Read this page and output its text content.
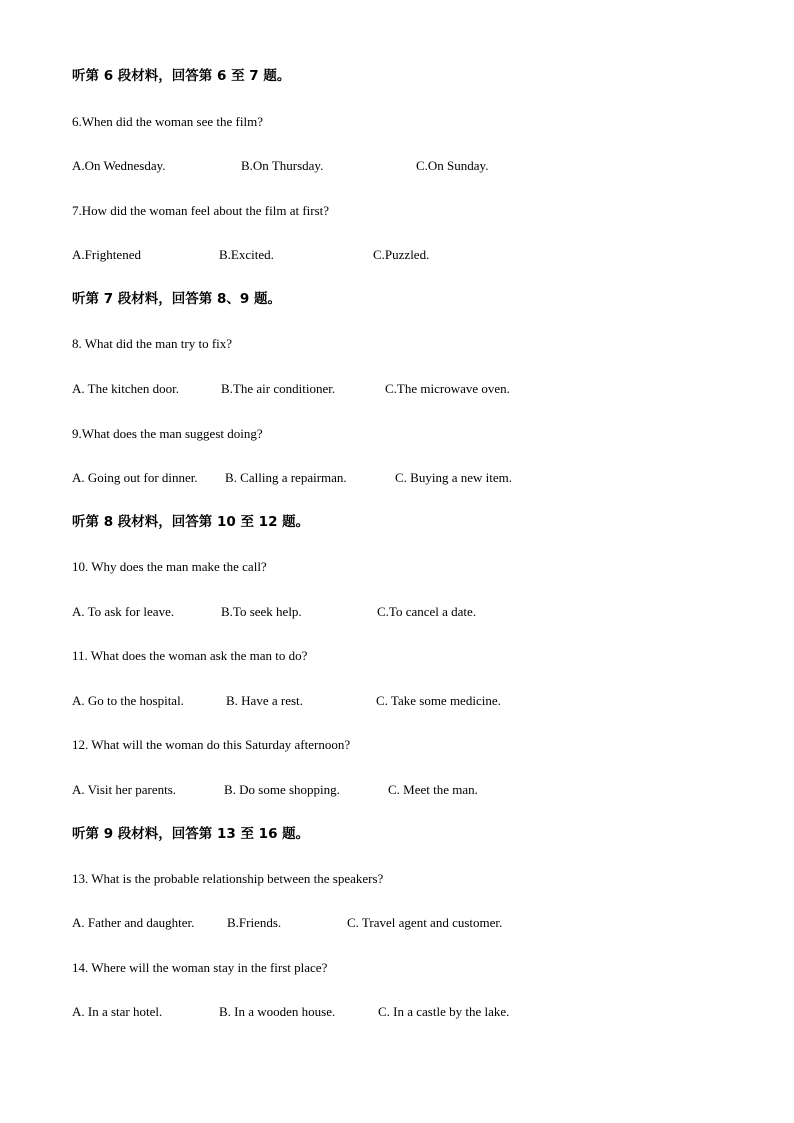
听第 6 段材料，回答第 6 至 7 题。
6.When did the woman see the film?
A.On Wednesday.	B.On Thursday.	C.On Sunday.
7.How did the woman feel about the film at first?
A.Frightened	B.Excited.	C.Puzzled.
听第 7 段材料，回答第 8、9 题。
8. What did the man try to fix?
A. The kitchen door.	B.The air conditioner.	C.The microwave oven.
9.What does the man suggest doing?
A. Going out for dinner. B. Calling a repairman.	C. Buying a new item.
听第 8 段材料，回答第 10 至 12 题。
10. Why does the man make the call?
A. To ask for leave.	B.To seek help.	C.To cancel a date.
11. What does the woman ask the man to do?
A. Go to the hospital.	B. Have a rest.	C. Take some medicine.
12. What will the woman do this Saturday afternoon?
A. Visit her parents.	B. Do some shopping.	C. Meet the man.
听第 9 段材料，回答第 13 至 16 题。
13. What is the probable relationship between the speakers?
A. Father and daughter.	B.Friends.	C. Travel agent and customer.
14. Where will the woman stay in the first place?
A. In a star hotel.	B. In a wooden house.	C. In a castle by the lake.
